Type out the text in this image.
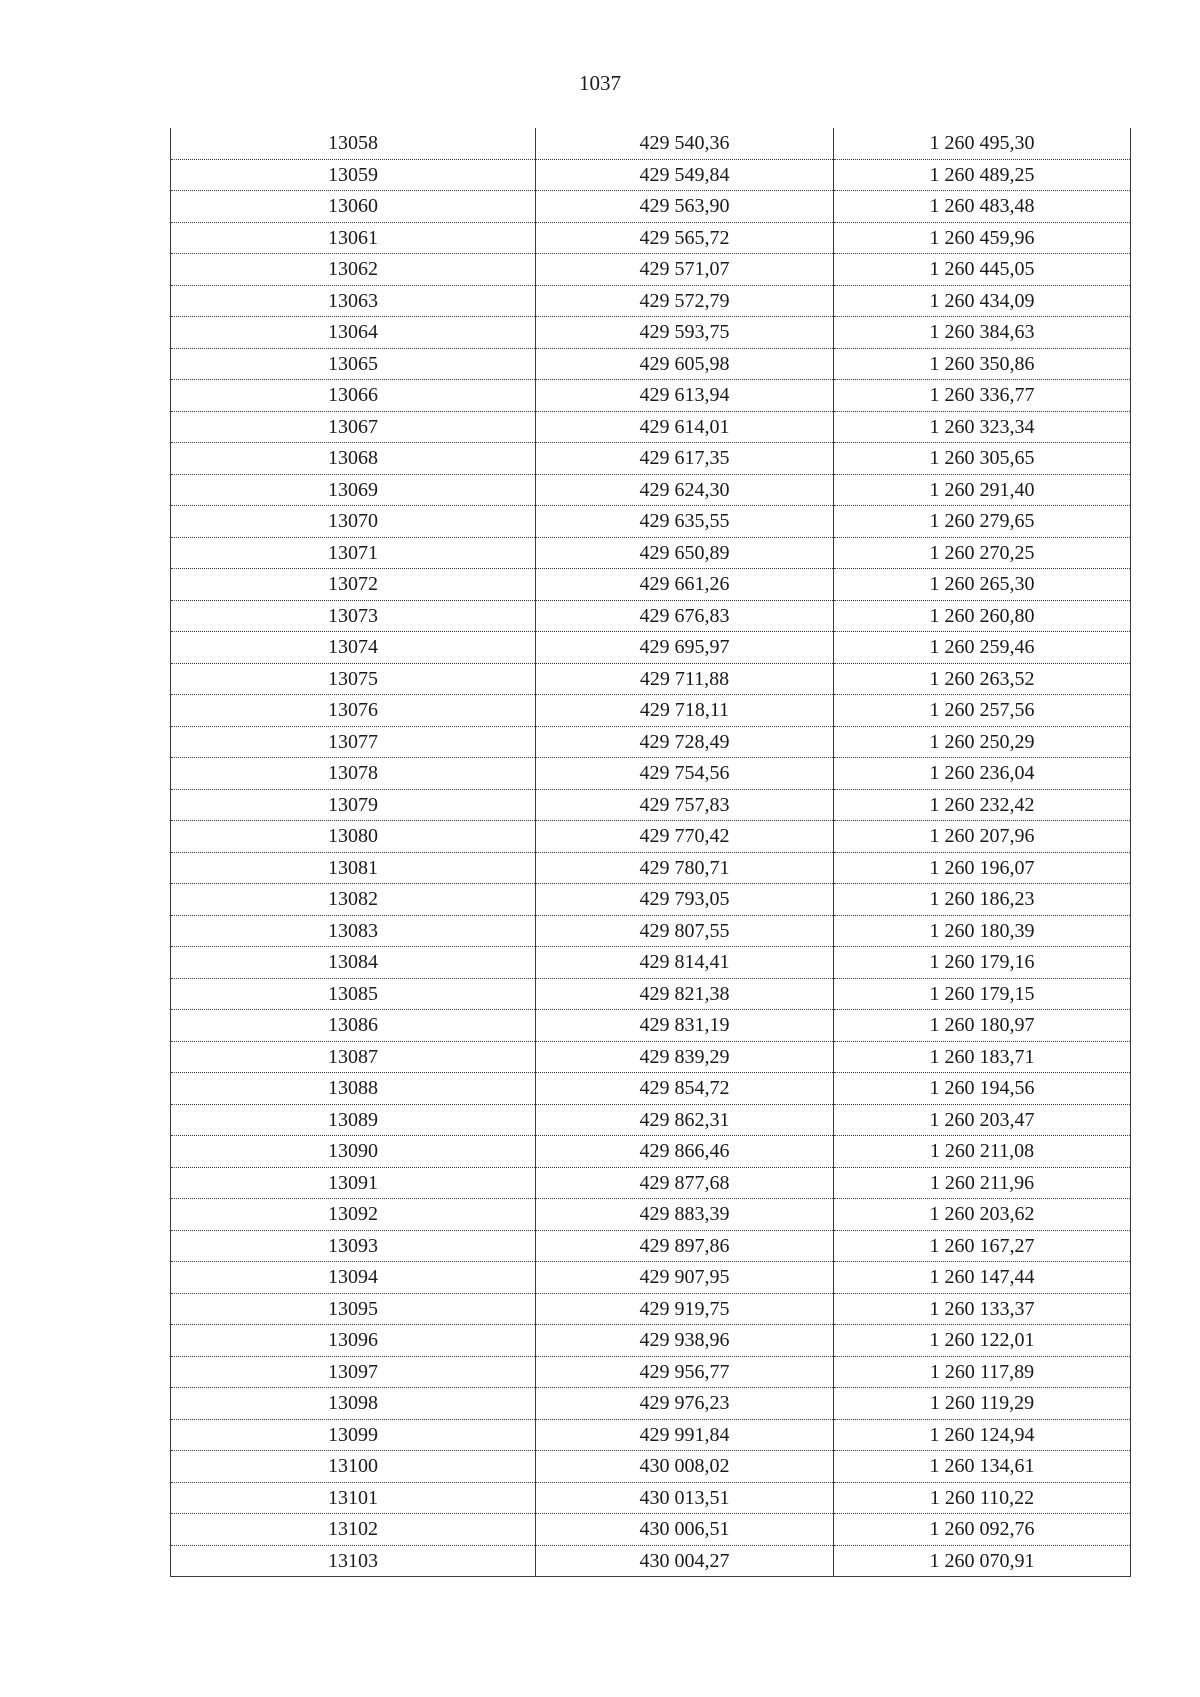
1037
13058	429 540,36	1 260 495,30
13059	429 549,84	1 260 489,25
13060	429 563,90	1 260 483,48
13061	429 565,72	1 260 459,96
13062	429 571,07	1 260 445,05
13063	429 572,79	1 260 434,09
13064	429 593,75	1 260 384,63
13065	429 605,98	1 260 350,86
13066	429 613,94	1 260 336,77
13067	429 614,01	1 260 323,34
13068	429 617,35	1 260 305,65
13069	429 624,30	1 260 291,40
13070	429 635,55	1 260 279,65
13071	429 650,89	1 260 270,25
13072	429 661,26	1 260 265,30
13073	429 676,83	1 260 260,80
13074	429 695,97	1 260 259,46
13075	429 711,88	1 260 263,52
13076	429 718,11	1 260 257,56
13077	429 728,49	1 260 250,29
13078	429 754,56	1 260 236,04
13079	429 757,83	1 260 232,42
13080	429 770,42	1 260 207,96
13081	429 780,71	1 260 196,07
13082	429 793,05	1 260 186,23
13083	429 807,55	1 260 180,39
13084	429 814,41	1 260 179,16
13085	429 821,38	1 260 179,15
13086	429 831,19	1 260 180,97
13087	429 839,29	1 260 183,71
13088	429 854,72	1 260 194,56
13089	429 862,31	1 260 203,47
13090	429 866,46	1 260 211,08
13091	429 877,68	1 260 211,96
13092	429 883,39	1 260 203,62
13093	429 897,86	1 260 167,27
13094	429 907,95	1 260 147,44
13095	429 919,75	1 260 133,37
13096	429 938,96	1 260 122,01
13097	429 956,77	1 260 117,89
13098	429 976,23	1 260 119,29
13099	429 991,84	1 260 124,94
13100	430 008,02	1 260 134,61
13101	430 013,51	1 260 110,22
13102	430 006,51	1 260 092,76
13103	430 004,27	1 260 070,91
